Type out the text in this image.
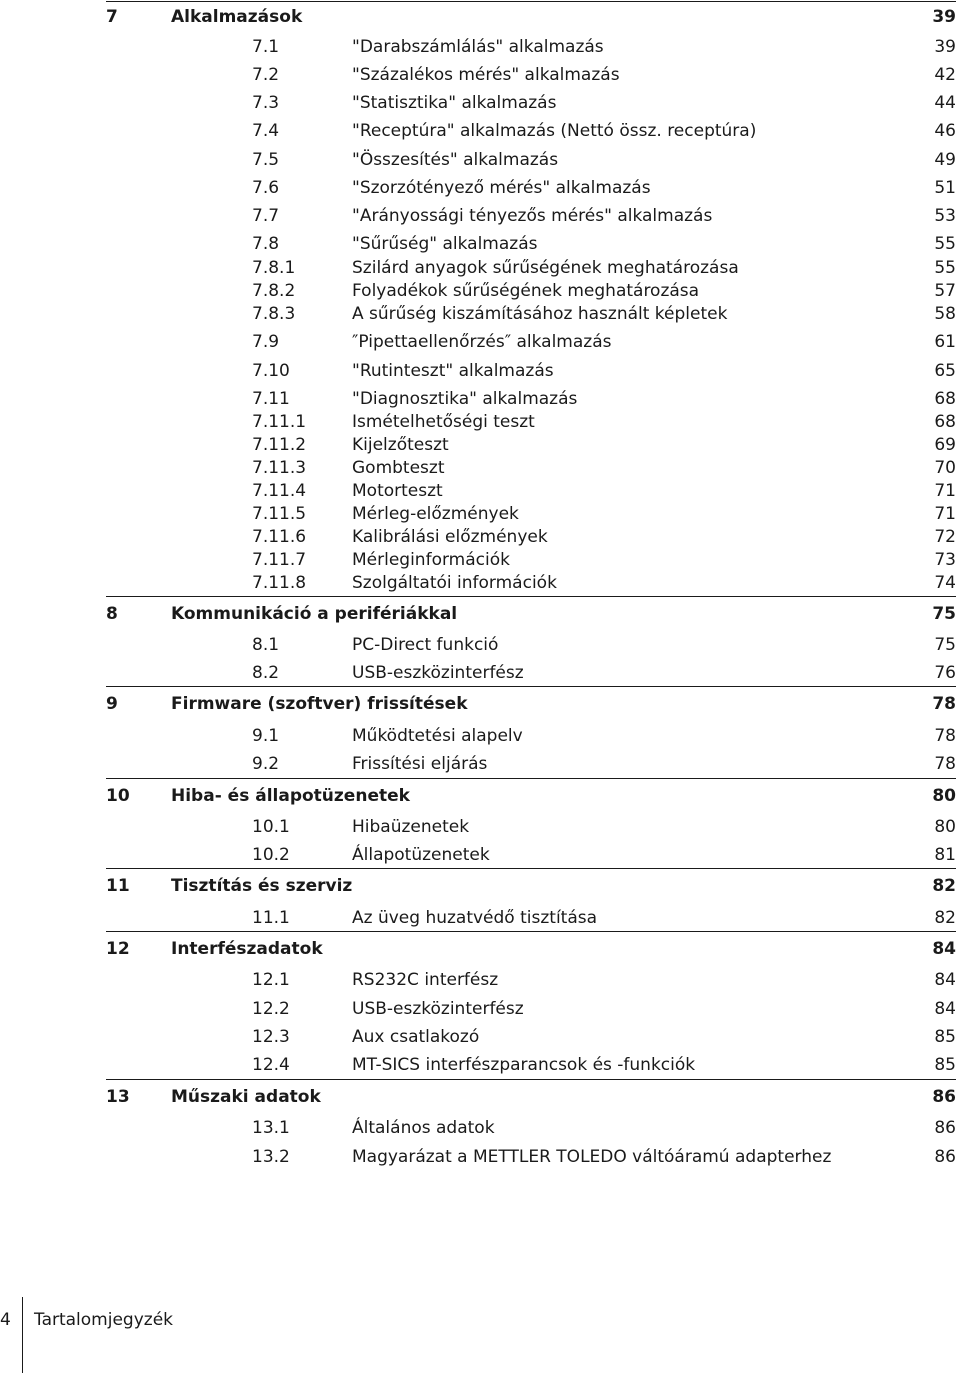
7	Alkalmazások	39
7.1	"Darabszámlálás" alkalmazás	39
7.2	"Százalékos mérés" alkalmazás	42
7.3	"Statisztika" alkalmazás	44
7.4	"Receptúra" alkalmazás (Nettó össz. receptúra)	46
7.5	"Összesítés" alkalmazás	49
7.6	"Szorzótényező mérés" alkalmazás	51
7.7	"Arányossági tényezős mérés" alkalmazás	53
7.8	"Sűrűség" alkalmazás	55
7.8.1	Szilárd anyagok sűrűségének meghatározása	55
7.8.2	Folyadékok sűrűségének meghatározása	57
7.8.3	A sűrűség kiszámításához használt képletek	58
7.9	″Pipettaellenőrzés″ alkalmazás	61
7.10	"Rutinteszt" alkalmazás	65
7.11	"Diagnosztika" alkalmazás	68
7.11.1	Ismételhetőségi teszt	68
7.11.2	Kijelzőteszt	69
7.11.3	Gombteszt	70
7.11.4	Motorteszt	71
7.11.5	Mérleg-előzmények	71
7.11.6	Kalibrálási előzmények	72
7.11.7	Mérleginformációk	73
7.11.8	Szolgáltatói információk	74
8	Kommunikáció a perifériákkal	75
8.1	PC-Direct funkció	75
8.2	USB-eszközinterfész	76
9	Firmware (szoftver) frissítések	78
9.1	Működtetési alapelv	78
9.2	Frissítési eljárás	78
10 Hiba- és állapotüzenetek	80
10.1	Hibaüzenetek	80
10.2	Állapotüzenetek	81
11 Tisztítás és szerviz	82
11.1	Az üveg huzatvédő tisztítása	82
12 Interfészadatok	84
12.1	RS232C interfész	84
12.2	USB-eszközinterfész	84
12.3	Aux csatlakozó	85
12.4	MT-SICS interfészparancsok és -funkciók	85
13 Műszaki adatok	86
13.1	Általános adatok	86
13.2	Magyarázat a METTLER TOLEDO váltóáramú adapterhez	86
4 Tartalomjegyzék
